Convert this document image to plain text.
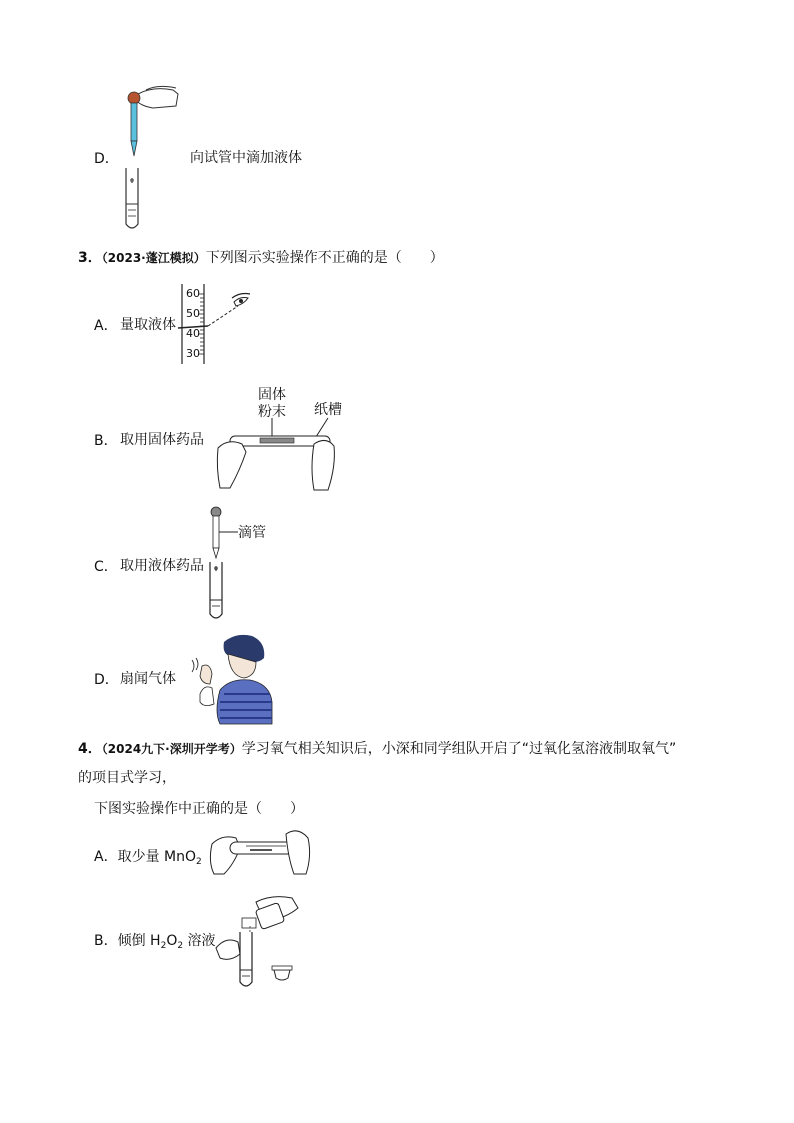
D．	向试管中滴加液体
3．（2023·蓬江模拟）下列图示实验操作不正确的是（　　）
A． 量取液体
60
50
40
30
B． 取用固体药品
固体
粉末 纸槽
C． 取用液体药品
滴管
D． 扇闻气体
4．（2024九下·深圳开学考）学习氧气相关知识后，小深和同学组队开启了“过氧化氢溶液制取氧气”
的项目式学习，
下图实验操作中正确的是（　　）
A．取少量 MnO$_2$
B．倾倒 $H_2O_2$ 溶液
